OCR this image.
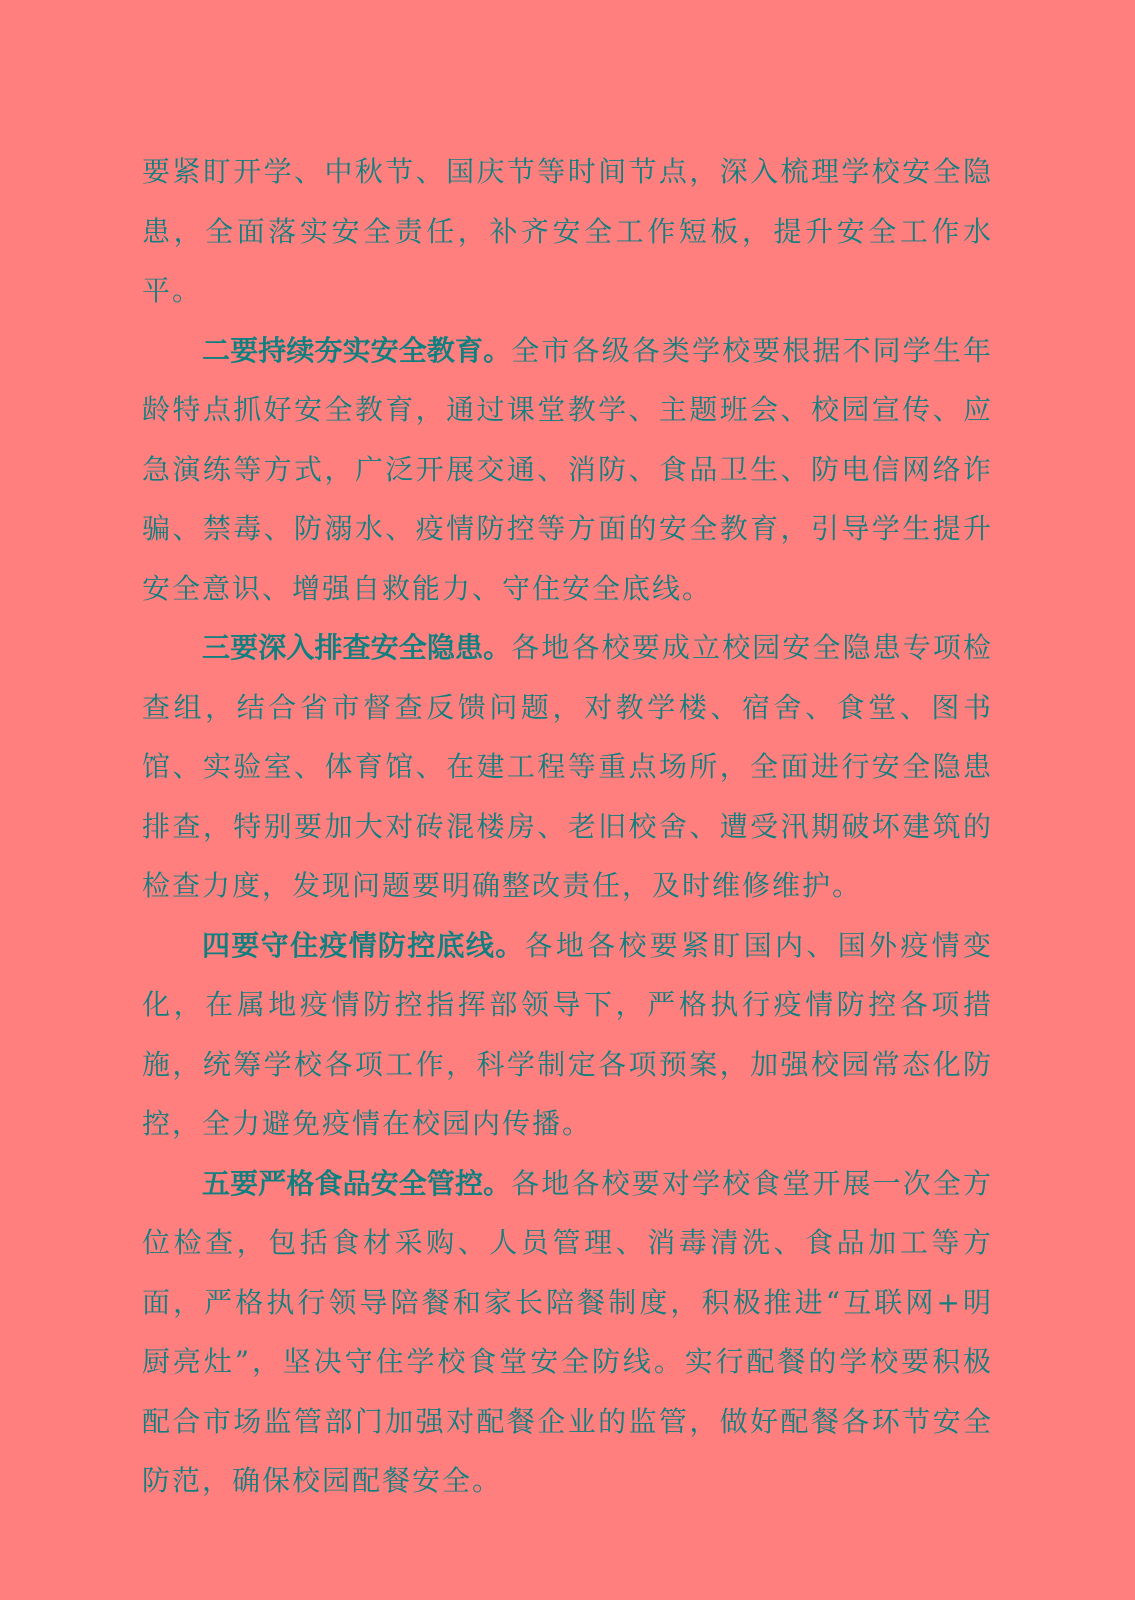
要紧盯开学、中秋节、国庆节等时间节点，深入梳理学校安全隐患，全面落实安全责任，补齐安全工作短板，提升安全工作水平。

二要持续夯实安全教育。全市各级各类学校要根据不同学生年龄特点抓好安全教育，通过课堂教学、主题班会、校园宣传、应急演练等方式，广泛开展交通、消防、食品卫生、防电信网络诈骗、禁毒、防溺水、疫情防控等方面的安全教育，引导学生提升安全意识、增强自救能力、守住安全底线。

三要深入排查安全隐患。各地各校要成立校园安全隐患专项检查组，结合省市督查反馈问题，对教学楼、宿舍、食堂、图书馆、实验室、体育馆、在建工程等重点场所，全面进行安全隐患排查，特别要加大对砖混楼房、老旧校舍、遭受汛期破坏建筑的检查力度，发现问题要明确整改责任，及时维修维护。

四要守住疫情防控底线。各地各校要紧盯国内、国外疫情变化，在属地疫情防控指挥部领导下，严格执行疫情防控各项措施，统筹学校各项工作，科学制定各项预案，加强校园常态化防控，全力避免疫情在校园内传播。

五要严格食品安全管控。各地各校要对学校食堂开展一次全方位检查，包括食材采购、人员管理、消毒清洗、食品加工等方面，严格执行领导陪餐和家长陪餐制度，积极推进“互联网+明厨亮灶”，坚决守住学校食堂安全防线。实行配餐的学校要积极配合市场监管部门加强对配餐企业的监管，做好配餐各环节安全防范，确保校园配餐安全。
